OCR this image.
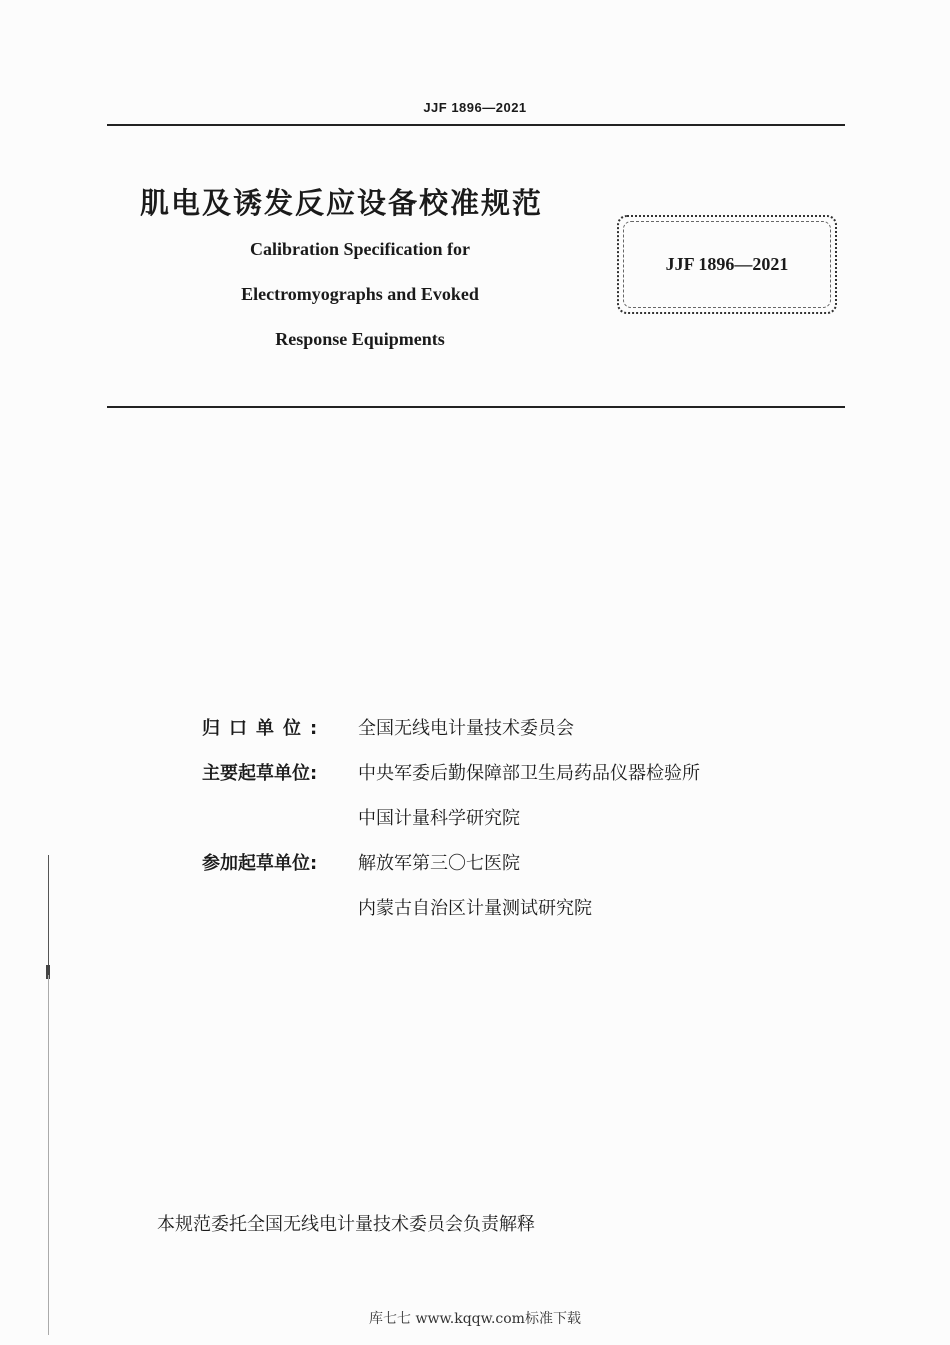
JJF 1896—2021
肌电及诱发反应设备校准规范
Calibration Specification for
Electromyographs and Evoked
Response Equipments
JJF 1896—2021
归口单位: 全国无线电计量技术委员会
主要起草单位: 中央军委后勤保障部卫生局药品仪器检验所
中国计量科学研究院
参加起草单位: 解放军第三〇七医院
内蒙古自治区计量测试研究院
本规范委托全国无线电计量技术委员会负责解释
库七七 www.kqqw.com标准下载
